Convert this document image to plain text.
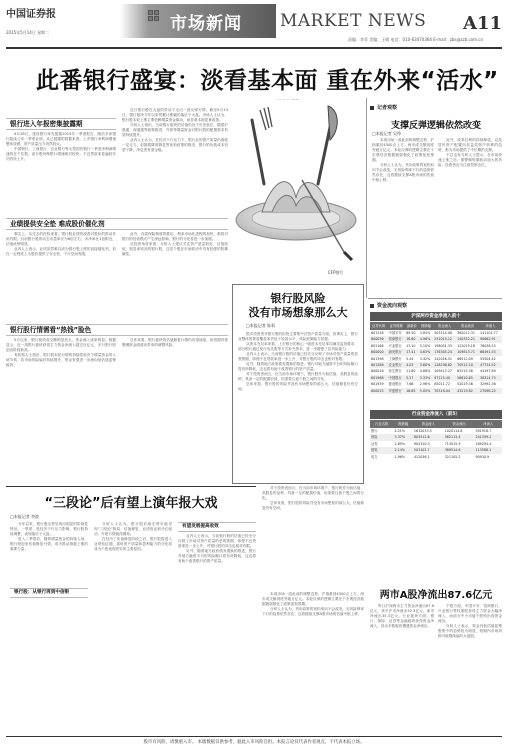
中国证券报
2015年5月14日 星期二	市场新闻 MARKET NEWS A11
责编：李菲 美编：王敏 电话：010-63070364 E-mail：zbs@zzb.com.cn
此番银行盛宴：淡看基本面 重在外来“活水”
银行进入年报密集披露期

4月28日，建设银行率先披露2015年一季度报告，随后多家银行陆续公布一季度业绩。从已披露的数据来看，上市银行净利润增速整体放缓，资产质量压力仍然较大。

中国银行、工商银行、农业银行等大型国有银行一季度净利润增速均在个位数，部分股份制银行增速相对较快。不良贷款率普遍较年初有所上升。

近日银行股在大盘的带动下走出一波反弹行情，截至5月13日，银行板块今年以来的累计涨幅仍落后于大盘。市场人士认为，银行股本轮上涨主要依赖增量资金驱动，而非基本面显著改善。

分析人士指出，当前银行板块的估值仍处于历史低位，随着沪港通、深港通等政策推进，外资等增量资金对银行股的配置需求有望持续提升。

业内人士认为，在经济下行压力下，银行业的资产质量仍面临一定压力，但随着降准降息等宽松政策的推进，银行的负债成本有望下降，净息差有望企稳。

业绩提供安全垫 难成股价催化剂

事实上，从过去的经验来看，银行股业绩的改善对股价的推动作用有限。目前银行股的动态市盈率仅为6倍左右，市净率在1倍附近，估值优势明显。

业内人士表示，业绩虽然难以成为银行股上涨的直接催化剂，但在一定程度上为股价提供了安全垫，下行空间有限。

此外，存款保险制度的推出、利率市场化进程的加快，都将对银行的经营模式产生深远影响，银行的分化将进一步加剧。

从投资角度来看，分析人士建议关注资产质量较好、估值较低、股息率较高的银行股，这类个股在市场波动中具有较强的防御属性。

CFP图片
银行股风险
没有市场想象那么大
□本报记者 陈莉

很多投资者对银行股的担忧主要集中在资产质量方面。但事实上，银行业整体的拨备覆盖率仍处于较高水平，风险抵御能力较强。

从资本充足率来看，上市银行的核心一级资本充足率均满足监管要求，部分银行通过发行优先股等方式补充资本，进一步增强了抗风险能力。

业内人士表示，当前银行股的估值已经充分反映了市场对资产质量的悲观预期，即便不良贷款率进一步上升，对银行股的冲击也相对有限。

另外，随着地方政府债务置换的推进，银行对地方融资平台的风险敞口将有所降低，这也将有助于改善银行的资产质量。

对于投资者而言，在当前市场环境下，银行股作为低估值、高股息的品种，具备一定的配置价值，但需要注意个股之间的分化。

总体来看，银行股的风险并没有市场想象的那么大，估值修复仍有空间。

银行股行情需看“热钱”脸色

5月以来，银行板块成交额明显放大，资金流入迹象明显。数据显示，近一周银行板块获得主力资金净流入超过百亿元，多只银行股创出阶段新高。

有机构人士指出，银行股本轮行情的持续性取决于增量资金的入场节奏，若市场风险偏好持续提升，资金有望进一步流向低估值蓝筹板块。

总体来看，银行板块的估值修复行情仍有望延续，但短期内需警惕资金面波动带来的调整风险。

记者观察
支撑反弹逻辑依然改变
□本报记者 吴铮

本周市场一改此前的调整态势，沪指重回4300点上方，两市成交额再度突破万亿元。本轮反弹的逻辑主要在于宏观经济数据疲弱强化了政策宽松预期。

分析人士认为，货币政策的宽松取向不会改变，无风险利率下行的趋势依然存在，这将继续支撑A股市场的估值中枢上移。

此外，改革红利的持续释放，以及居民资产配置向权益类资产转移的趋势，都为市场提供了中长期的支撑。

不过也有分析人士提示，在市场快速上涨之后，需警惕短期波动加大的风险，投资者应当注意控制仓位。

资金流向观察
沪深两市资金净流入前十
证券代码	证券简称	最新价	涨跌幅	资金流入	资金流出	净流入
601318	中国平安	89.50	3.84%	503114.08	362012.31	141101.77
600036	招商银行	18.60	4.96%	231015.12	140352.21	90662.91
601166	兴业银行	17.10	5.10%	198051.33	122015.18	76036.15
600000	浦发银行	17.41	4.63%	176305.24	109813.71	66491.53
601398	工商银行	5.44	3.42%	142016.51	86512.09	55504.42
601288	农业银行	4.03	3.60%	118236.62	70512.10	47724.52
600016	民生银行	11.80	4.88%	109413.27	65215.38	44197.89
601988	中国银行	5.27	3.33%	97125.40	58810.65	38314.75
601939	建设银行	7.66	2.96%	85011.72	52019.36	32992.36
600015	华夏银行	16.85	5.05%	70318.04	43219.82	27098.22
行业资金净流入（前5）
行业名称	涨跌幅	资金流入	资金流出	净流入
银行	4.21%	1612033.5	1020114.8	591918.7
保险	3.37%	803512.6	562113.4	241399.2
证券	2.85%	902310.3	713015.9	189294.4
建筑	2.14%	503102.7	389514.6	113588.1
电力	1.96%	412036.1	321105.2	90930.9
“三段论”后有望上演年报大戏
□本报记者 李波

今年以来，银行股走势呈现出明显的阶段性特征。一季度，受经济下行压力影响，银行股持续调整，表现落后于大盘。

进入二季度后，随着增量资金的持续入场，银行股迎来估值修复行情，成为推动指数上涨的重要力量。

银行股：从银行再到中信银

分析人士认为，银行股后续走势可能呈现“三段论”格局：估值修复、业绩验证和分红驱动，年报行情值得期待。

在经历了估值修复阶段之后，银行股将进入业绩验证期，届时资产质量和盈利能力的分化将成为个股表现差异的主要原因。

有望发展提高收效

业内人士表示，当前银行股的估值已经充分反映了市场对资产质量的悲观预期，即便不良贷款率进一步上升，对银行股的冲击也相对有限。

另外，随着地方政府债务置换的推进，银行对地方融资平台的风险敞口将有所降低，这也将有助于改善银行的资产质量。

对于投资者而言，在当前市场环境下，银行股作为低估值、高股息的品种，具备一定的配置价值，但需要注意个股之间的分化。

总体来看，银行股的风险并没有市场想象的那么大，估值修复仍有空间。

两市A股净流出87.6亿元

昨日沪深两市主力资金净流出87.6亿元，其中沪市净流出52.3亿元，深市净流出35.3亿元。行业板块方面，银行、保险、证券等金融板块获得资金净流入，其余多数板块遭遇资金净流出。

个股方面，中国平安、招商银行、兴业银行等权重股获得主力资金大幅净流入，而部分中小市值个股则出现资金流出。

分析人士表示，资金向低估值蓝筹股集中的趋势较为明显，短期内市场风格可能继续偏向大盘股。

本周市场一改此前的调整态势，沪指重回4300点上方，两市成交额再度突破万亿元。本轮反弹的逻辑主要在于宏观经济数据疲弱强化了政策宽松预期。

分析人士认为，货币政策的宽松取向不会改变，无风险利率下行的趋势依然存在，这将继续支撑A股市场的估值中枢上移。

股市有风险，请慎重入市。 本版数据仅供参考，据此入市风险自担。本报言论仅代表作者观点，不代表本报立场。
